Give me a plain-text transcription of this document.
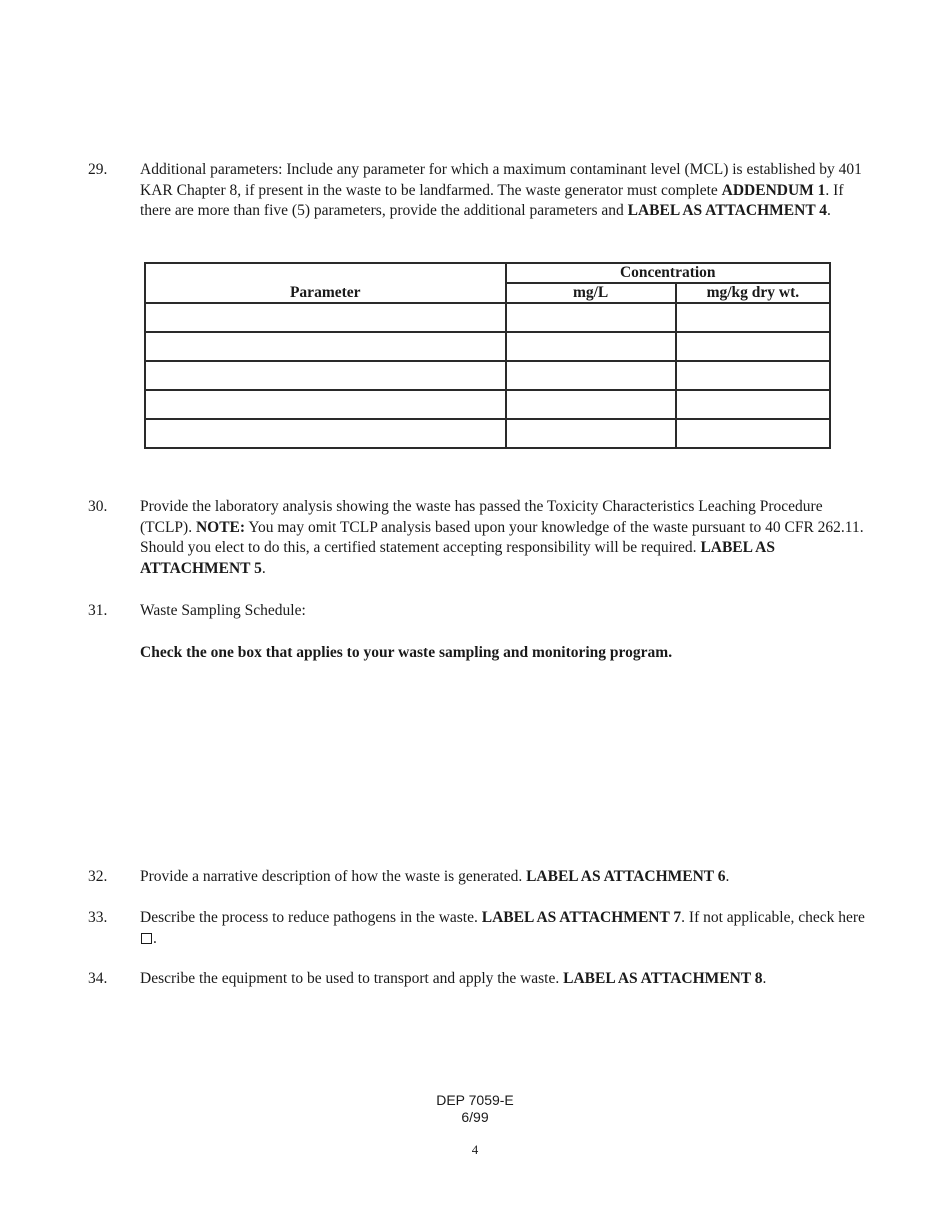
29.	Additional parameters: Include any parameter for which a maximum contaminant level (MCL) is established by 401 KAR Chapter 8, if present in the waste to be landfarmed. The waste generator must complete ADDENDUM 1. If there are more than five (5) parameters, provide the additional parameters and LABEL AS ATTACHMENT 4.
Parameter	Concentration	
	mg/L	mg/kg dry wt.

30.	Provide the laboratory analysis showing the waste has passed the Toxicity Characteristics Leaching Procedure (TCLP). NOTE: You may omit TCLP analysis based upon your knowledge of the waste pursuant to 40 CFR 262.11. Should you elect to do this, a certified statement accepting responsibility will be required. LABEL AS ATTACHMENT 5.
31.	Waste Sampling Schedule:
Check the one box that applies to your waste sampling and monitoring program.
32.	Provide a narrative description of how the waste is generated. LABEL AS ATTACHMENT 6.
33.	Describe the process to reduce pathogens in the waste. LABEL AS ATTACHMENT 7. If not applicable, check here .
34.	Describe the equipment to be used to transport and apply the waste. LABEL AS ATTACHMENT 8.
DEP 7059-E
6/99
4
